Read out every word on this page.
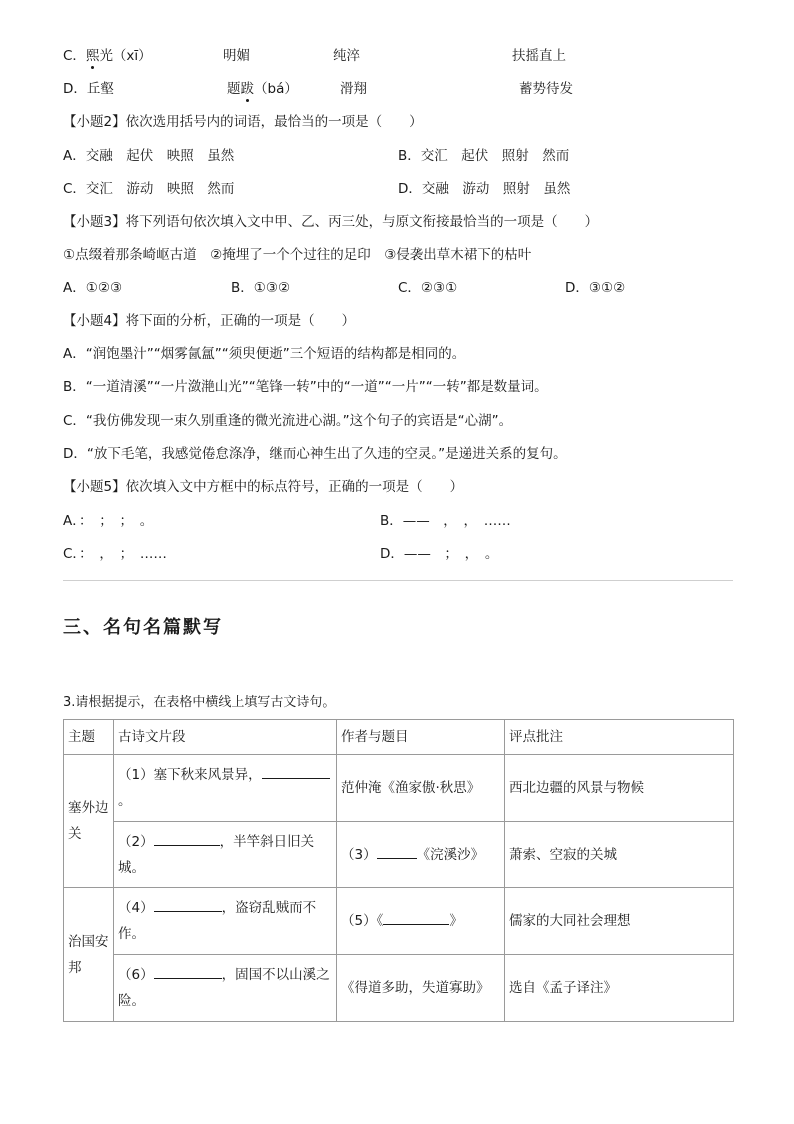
C．熙光（xī）	明媚	纯淬	扶摇直上
D．丘壑	题跋（bá）	滑翔	蓄势待发
【小题2】依次选用括号内的词语，最恰当的一项是（　　）
A．交融　起伏　映照　虽然	B．交汇　起伏　照射　然而
C．交汇　游动　映照　然而	D．交融　游动　照射　虽然
【小题3】将下列语句依次填入文中甲、乙、丙三处，与原文衔接最恰当的一项是（　　）
①点缀着那条崎岖古道　②掩埋了一个个过往的足印　③侵袭出草木裙下的枯叶
A．①②③	B．①③②	C．②③①	D．③①②
【小题4】将下面的分析，正确的一项是（　　）
A．“润饱墨汁”“烟雾氤氲”“须臾便逝”三个短语的结构都是相同的。
B．“一道清溪”“一片潋滟山光”“笔锋一转”中的“一道”“一片”“一转”都是数量词。
C．“我仿佛发现一束久别重逢的微光流进心湖。”这个句子的宾语是“心湖”。
D．“放下毛笔，我感觉倦怠涤净，继而心神生出了久违的空灵。”是递进关系的复句。
【小题5】依次填入文中方框中的标点符号，正确的一项是（　　）
A．：　；　；　。	B．——　，　，　……
C．：　，　；　……	D．——　；　，　。
三、名句名篇默写
3.请根据提示，在表格中横线上填写古文诗句。
主题	古诗文片段	作者与题目	评点批注
塞外边关	（1）塞下秋来风景异，。	范仲淹《渔家傲·秋思》	西北边疆的风景与物候
	（2） ，半竿斜日旧关城。	（3） 《浣溪沙》	萧索、空寂的关城
治国安邦	（4） ，盗窃乱贼而不作。	（5）《 》	儒家的大同社会理想
	（6） ，固国不以山溪之险。	《得道多助，失道寡助》	选自《孟子译注》
